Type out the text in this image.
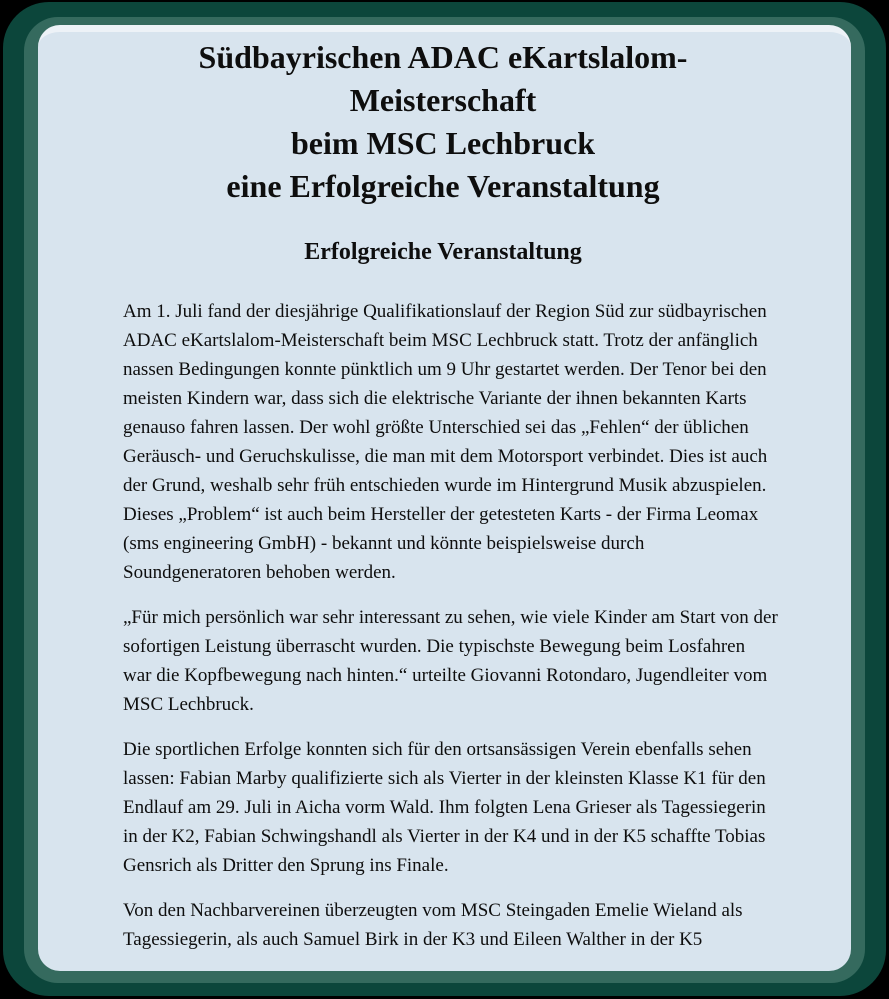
Südbayrischen ADAC eKartslalom-Meisterschaft
beim MSC Lechbruck
eine Erfolgreiche Veranstaltung
Erfolgreiche Veranstaltung

Am 1. Juli fand der diesjährige Qualifikationslauf der Region Süd zur südbayrischen ADAC eKartslalom-Meisterschaft beim MSC Lechbruck statt. Trotz der anfänglich nassen Bedingungen konnte pünktlich um 9 Uhr gestartet werden. Der Tenor bei den meisten Kindern war, dass sich die elektrische Variante der ihnen bekannten Karts genauso fahren lassen. Der wohl größte Unterschied sei das „Fehlen“ der üblichen Geräusch- und Geruchskulisse, die man mit dem Motorsport verbindet. Dies ist auch der Grund, weshalb sehr früh entschieden wurde im Hintergrund Musik abzuspielen. Dieses „Problem“ ist auch beim Hersteller der getesteten Karts - der Firma Leomax (sms engineering GmbH) - bekannt und könnte beispielsweise durch Soundgeneratoren behoben werden.

„Für mich persönlich war sehr interessant zu sehen, wie viele Kinder am Start von der sofortigen Leistung überrascht wurden. Die typischste Bewegung beim Losfahren war die Kopfbewegung nach hinten.“ urteilte Giovanni Rotondaro, Jugendleiter vom MSC Lechbruck.

Die sportlichen Erfolge konnten sich für den ortsansässigen Verein ebenfalls sehen lassen: Fabian Marby qualifizierte sich als Vierter in der kleinsten Klasse K1 für den Endlauf am 29. Juli in Aicha vorm Wald. Ihm folgten Lena Grieser als Tagessiegerin in der K2, Fabian Schwingshandl als Vierter in der K4 und in der K5 schaffte Tobias Gensrich als Dritter den Sprung ins Finale.

Von den Nachbarvereinen überzeugten vom MSC Steingaden Emelie Wieland als Tagessiegerin, als auch Samuel Birk in der K3 und Eileen Walther in der K5
